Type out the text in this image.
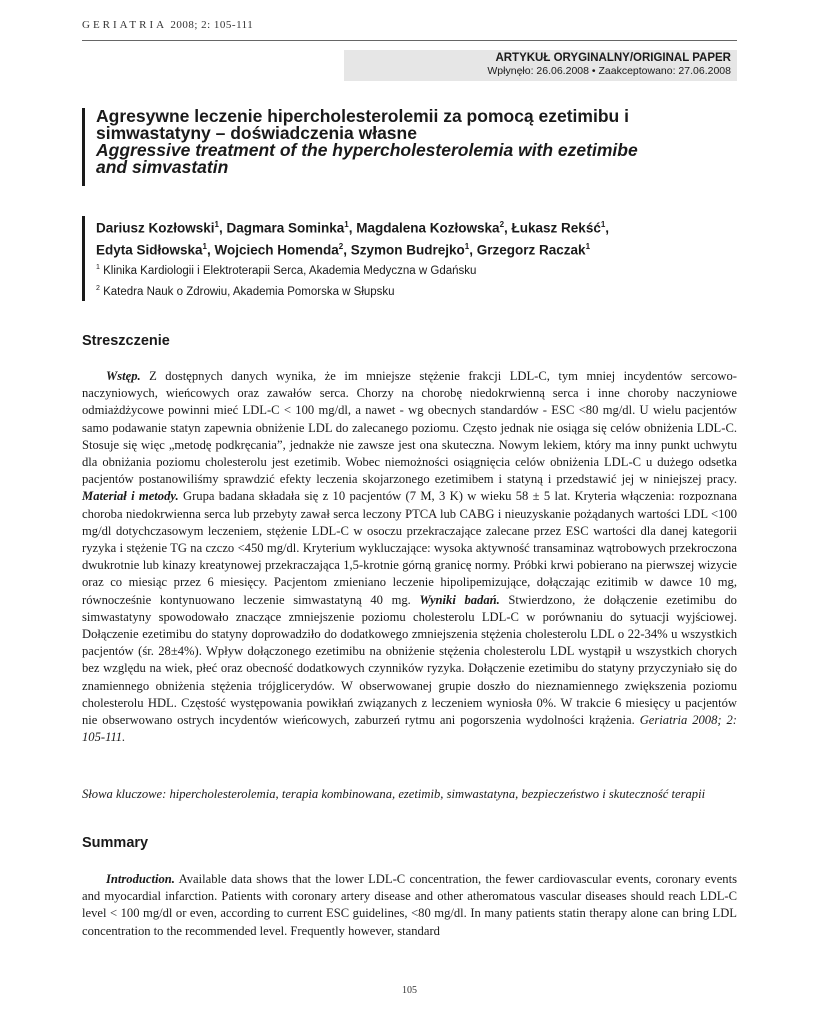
GERIATRIA 2008; 2: 105-111
ARTYKUŁ ORYGINALNY/ORIGINAL PAPER
Wpłynęło: 26.06.2008 • Zaakceptowano: 27.06.2008
Agresywne leczenie hipercholesterolemii za pomocą ezetimibu i simwastatyny – doświadczenia własne
Aggressive treatment of the hypercholesterolemia with ezetimibe and simvastatin
Dariusz Kozłowski$^1$, Dagmara Sominka$^1$, Magdalena Kozłowska$^2$, Łukasz Rekść$^1$,
Edyta Sidłowska$^1$, Wojciech Homenda$^2$, Szymon Budrejko$^1$, Grzegorz Raczak$^1$
$^1$ Klinika Kardiologii i Elektroterapii Serca, Akademia Medyczna w Gdańsku
$^2$ Katedra Nauk o Zdrowiu, Akademia Pomorska w Słupsku
Streszczenie

Wstęp. Z dostępnych danych wynika, że im mniejsze stężenie frakcji LDL-C, tym mniej incydentów sercowo-naczyniowych, wieńcowych oraz zawałów serca. Chorzy na chorobę niedokrwienną serca i inne choroby naczyniowe odmiażdżycowe powinni mieć LDL-C < 100 mg/dl, a nawet - wg obecnych standardów - ESC <80 mg/dl. U wielu pacjentów samo podawanie statyn zapewnia obniżenie LDL do zalecanego poziomu. Często jednak nie osiąga się celów obniżenia LDL-C. Stosuje się więc „metodę podkręcania”, jednakże nie zawsze jest ona skuteczna. Nowym lekiem, który ma inny punkt uchwytu dla obniżania poziomu cholesterolu jest ezetimib. Wobec niemożności osiągnięcia celów obniżenia LDL-C u dużego odsetka pacjentów postanowiliśmy sprawdzić efekty leczenia skojarzonego ezetimibem i statyną i przedstawić jej w niniejszej pracy. Materiał i metody. Grupa badana składała się z 10 pacjentów (7 M, 3 K) w wieku 58 ± 5 lat. Kryteria włączenia: rozpoznana choroba niedokrwienna serca lub przebyty zawał serca leczony PTCA lub CABG i nieuzyskanie pożądanych wartości LDL <100 mg/dl dotychczasowym leczeniem, stężenie LDL-C w osoczu przekraczające zalecane przez ESC wartości dla danej kategorii ryzyka i stężenie TG na czczo <450 mg/dl. Kryterium wykluczające: wysoka aktywność transaminaz wątrobowych przekroczona dwukrotnie lub kinazy kreatynowej przekraczająca 1,5-krotnie górną granicę normy. Próbki krwi pobierano na pierwszej wizycie oraz co miesiąc przez 6 miesięcy. Pacjentom zmieniano leczenie hipolipemizujące, dołączając ezitimib w dawce 10 mg, równocześnie kontynuowano leczenie simwastatyną 40 mg. Wyniki badań. Stwierdzono, że dołączenie ezetimibu do simwastatyny spowodowało znaczące zmniejszenie poziomu cholesterolu LDL-C w porównaniu do sytuacji wyjściowej. Dołączenie ezetimibu do statyny doprowadziło do dodatkowego zmniejszenia stężenia cholesterolu LDL o 22-34% u wszystkich pacjentów (śr. 28±4%). Wpływ dołączonego ezetimibu na obniżenie stężenia cholesterolu LDL wystąpił u wszystkich chorych bez względu na wiek, płeć oraz obecność dodatkowych czynników ryzyka. Dołączenie ezetimibu do statyny przyczyniało się do znamiennego obniżenia stężenia trójglicerydów. W obserwowanej grupie doszło do nieznamiennego zwiększenia poziomu cholesterolu HDL. Częstość występowania powikłań związanych z leczeniem wyniosła 0%. W trakcie 6 miesięcy u pacjentów nie obserwowano ostrych incydentów wieńcowych, zaburzeń rytmu ani pogorszenia wydolności krążenia. Geriatria 2008; 2: 105-111.

Słowa kluczowe: hipercholesterolemia, terapia kombinowana, ezetimib, simwastatyna, bezpieczeństwo i skuteczność terapii

Summary

Introduction. Available data shows that the lower LDL-C concentration, the fewer cardiovascular events, coronary events and myocardial infarction. Patients with coronary artery disease and other atheromatous vascular diseases should reach LDL-C level < 100 mg/dl or even, according to current ESC guidelines, <80 mg/dl. In many patients statin therapy alone can bring LDL concentration to the recommended level. Frequently however, standard

105
